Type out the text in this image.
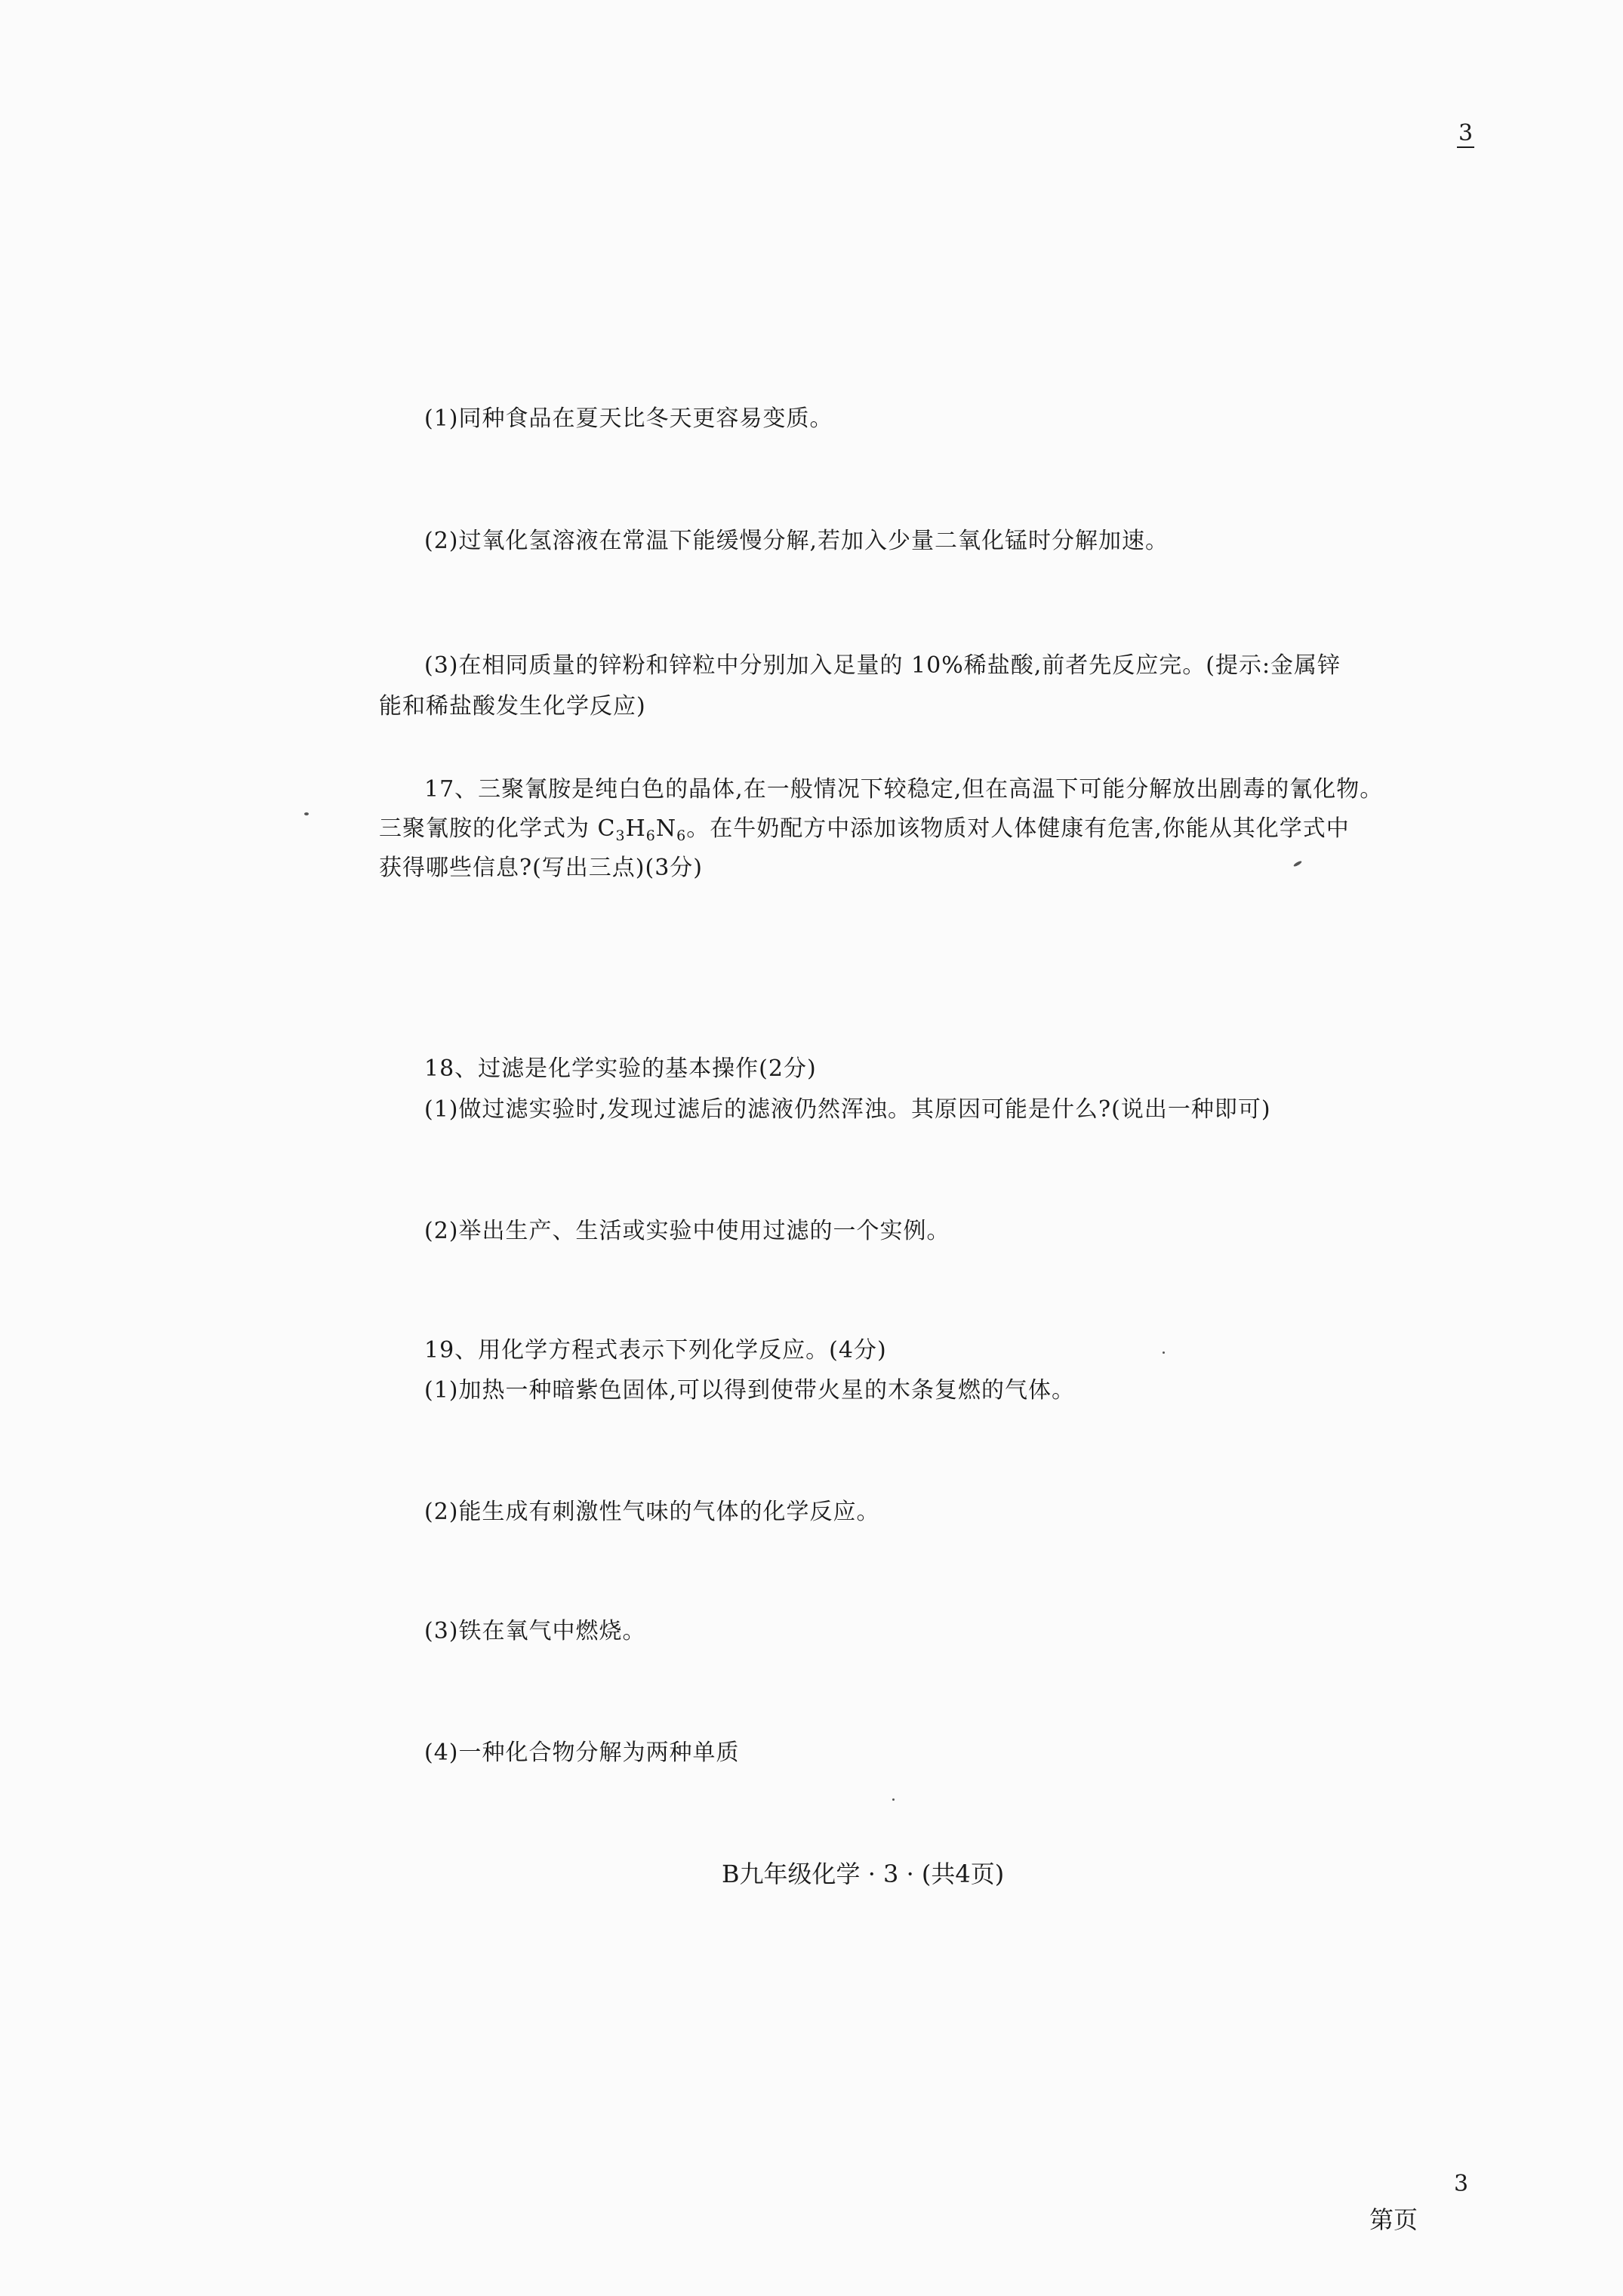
3
(1)同种食品在夏天比冬天更容易变质。
(2)过氧化氢溶液在常温下能缓慢分解,若加入少量二氧化锰时分解加速。
(3)在相同质量的锌粉和锌粒中分别加入足量的 10%稀盐酸,前者先反应完。(提示:金属锌
能和稀盐酸发生化学反应)
17、三聚氰胺是纯白色的晶体,在一般情况下较稳定,但在高温下可能分解放出剧毒的氰化物。
三聚氰胺的化学式为 $C_3H_6N_6$。在牛奶配方中添加该物质对人体健康有危害,你能从其化学式中
获得哪些信息?(写出三点)(3分)
18、过滤是化学实验的基本操作(2分)
(1)做过滤实验时,发现过滤后的滤液仍然浑浊。其原因可能是什么?(说出一种即可)
(2)举出生产、生活或实验中使用过滤的一个实例。
19、用化学方程式表示下列化学反应。(4分)
(1)加热一种暗紫色固体,可以得到使带火星的木条复燃的气体。
(2)能生成有刺激性气味的气体的化学反应。
(3)铁在氧气中燃烧。
(4)一种化合物分解为两种单质
B九年级化学 · 3 · (共4页)
3
第页
